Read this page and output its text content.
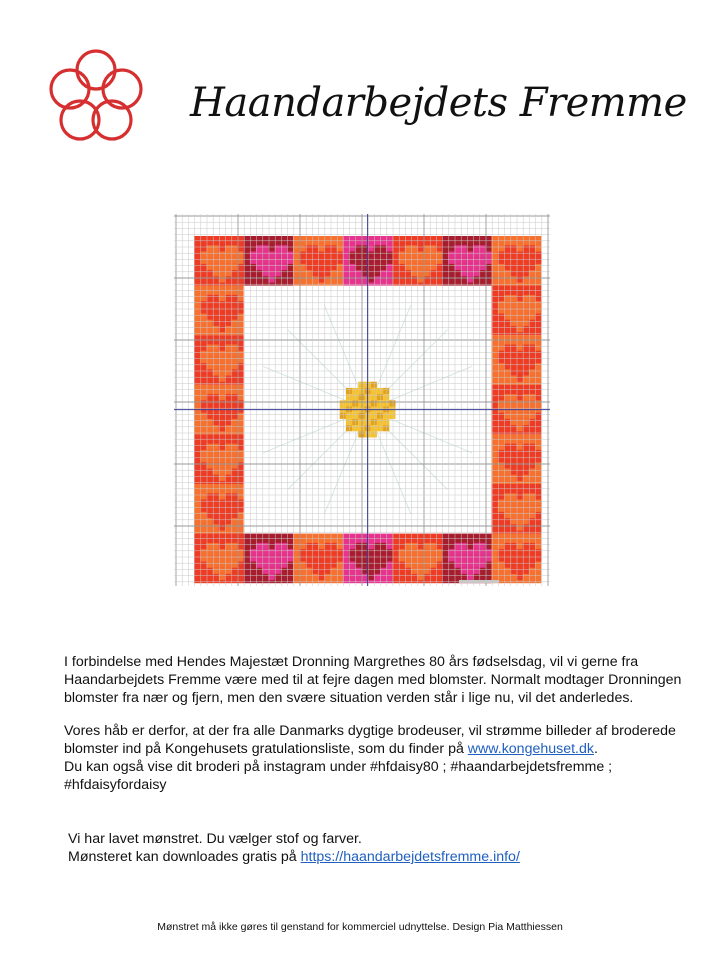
Haandarbejdets Fremme

I forbindelse med Hendes Majestæt Dronning Margrethes 80 års fødselsdag, vil vi gerne fra
Haandarbejdets Fremme være med til at fejre dagen med blomster. Normalt modtager Dronningen
blomster fra nær og fjern, men den svære situation verden står i lige nu, vil det anderledes.

Vores håb er derfor, at der fra alle Danmarks dygtige brodeuser, vil strømme billeder af broderede
blomster ind på Kongehusets gratulationsliste, som du finder på www.kongehuset.dk.
Du kan også vise dit broderi på instagram under #hfdaisy80 ; #haandarbejdetsfremme ;
#hfdaisyfordaisy

Vi har lavet mønstret. Du vælger stof og farver.
Mønsteret kan downloades gratis på https://haandarbejdetsfremme.info/

Mønstret må ikke gøres til genstand for kommerciel udnyttelse. Design Pia Matthiessen
